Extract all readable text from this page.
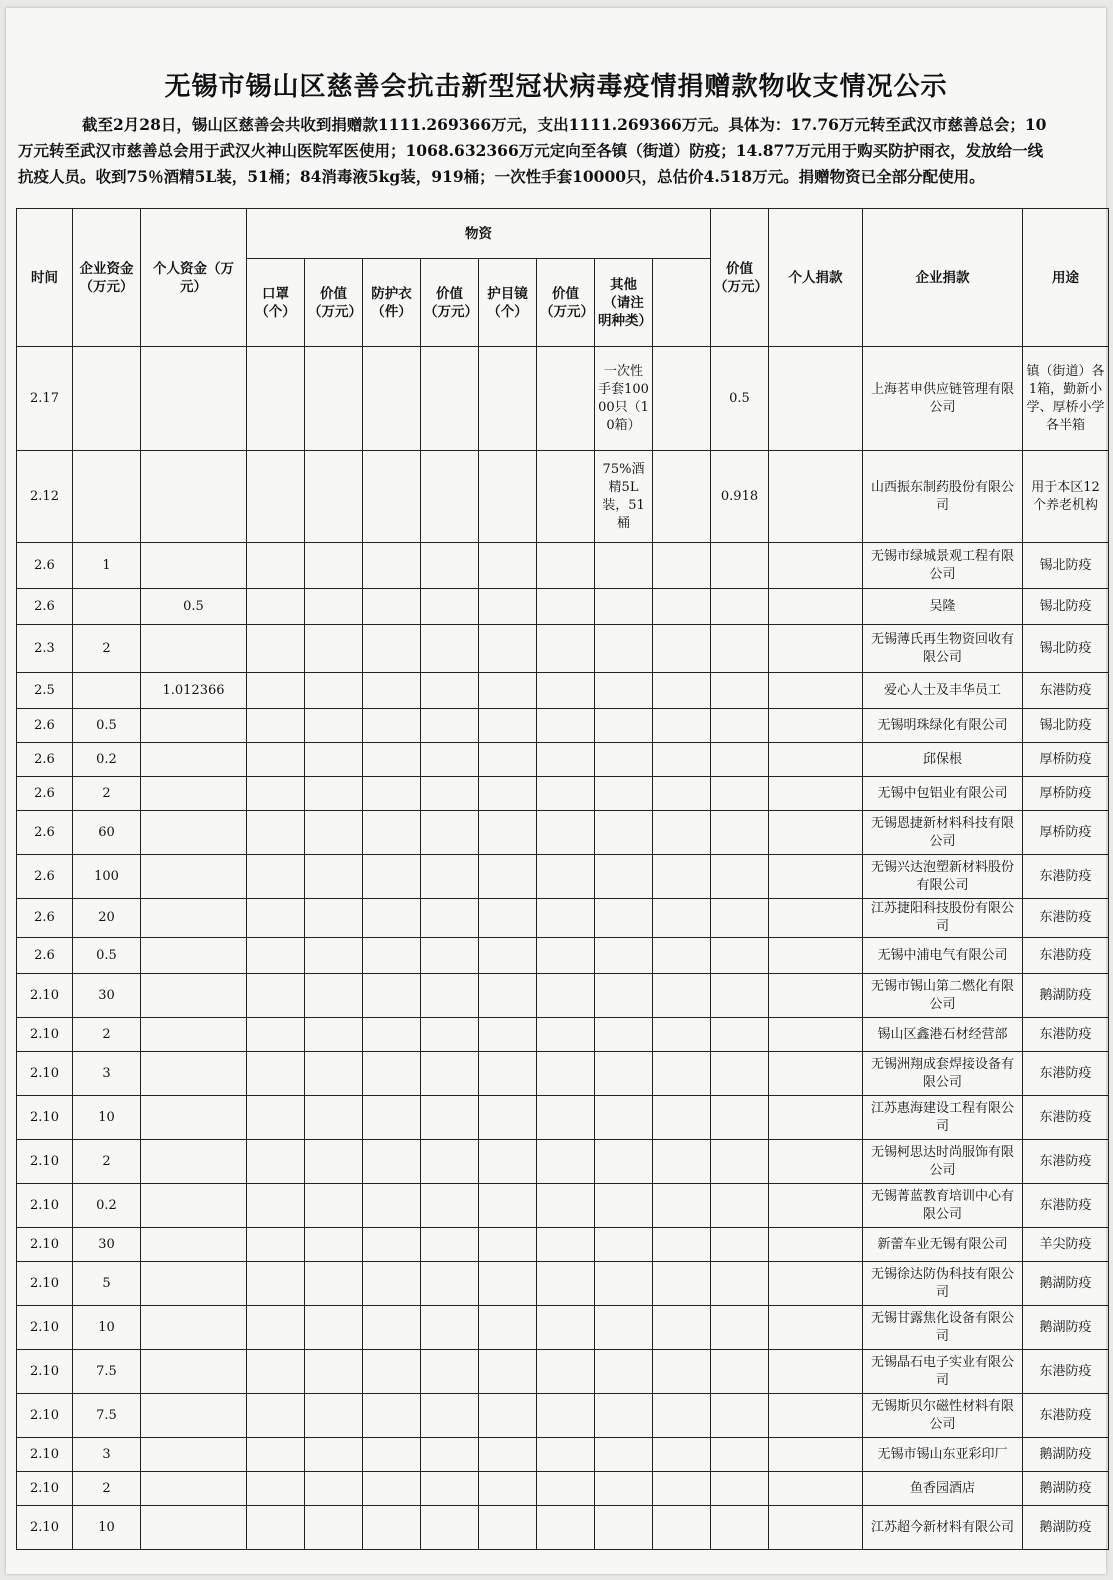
无锡市锡山区慈善会抗击新型冠状病毒疫情捐赠款物收支情况公示
截至2月28日，锡山区慈善会共收到捐赠款1111.269366万元，支出1111.269366万元。具体为：17.76万元转至武汉市慈善总会；10万元转至武汉市慈善总会用于武汉火神山医院军医使用；1068.632366万元定向至各镇（街道）防疫；14.877万元用于购买防护雨衣，发放给一线抗疫人员。收到75％酒精5L装，51桶；84消毒液5kg装，919桶；一次性手套10000只，总估价4.518万元。捐赠物资已全部分配使用。
时间	企业资金（万元）	个人资金（万元）	物资								价值（万元）	个人捐款	企业捐款	用途
			口罩（个）	价值（万元）	防护衣（件）	价值（万元）	护目镜（个）	价值（万元）	其他（请注明种类）					
2.17									一次性手套10000只（10箱）		0.5		上海茗申供应链管理有限公司	镇（街道）各1箱，勤新小学、厚桥小学各半箱
2.12									75%酒精5L装，51桶		0.918		山西振东制药股份有限公司	用于本区12个养老机构
2.6	1												无锡市绿城景观工程有限公司	锡北防疫
2.6		0.5											吴隆	锡北防疫
2.3	2												无锡薄氏再生物资回收有限公司	锡北防疫
2.5		1.012366											爱心人士及丰华员工	东港防疫
2.6	0.5												无锡明珠绿化有限公司	锡北防疫
2.6	0.2												邱保根	厚桥防疫
2.6	2												无锡中包铝业有限公司	厚桥防疫
2.6	60												无锡恩捷新材料科技有限公司	厚桥防疫
2.6	100												无锡兴达泡塑新材料股份有限公司	东港防疫
2.6	20												江苏捷阳科技股份有限公司	东港防疫
2.6	0.5												无锡中浦电气有限公司	东港防疫
2.10	30												无锡市锡山第二燃化有限公司	鹅湖防疫
2.10	2												锡山区鑫港石材经营部	东港防疫
2.10	3												无锡洲翔成套焊接设备有限公司	东港防疫
2.10	10												江苏惠海建设工程有限公司	东港防疫
2.10	2												无锡柯思达时尚服饰有限公司	东港防疫
2.10	0.2												无锡菁蓝教育培训中心有限公司	东港防疫
2.10	30												新蕾车业无锡有限公司	羊尖防疫
2.10	5												无锡徐达防伪科技有限公司	鹅湖防疫
2.10	10												无锡甘露焦化设备有限公司	鹅湖防疫
2.10	7.5												无锡晶石电子实业有限公司	东港防疫
2.10	7.5												无锡斯贝尔磁性材料有限公司	东港防疫
2.10	3												无锡市锡山东亚彩印厂	鹅湖防疫
2.10	2												鱼香园酒店	鹅湖防疫
2.10	10												江苏超今新材料有限公司	鹅湖防疫
